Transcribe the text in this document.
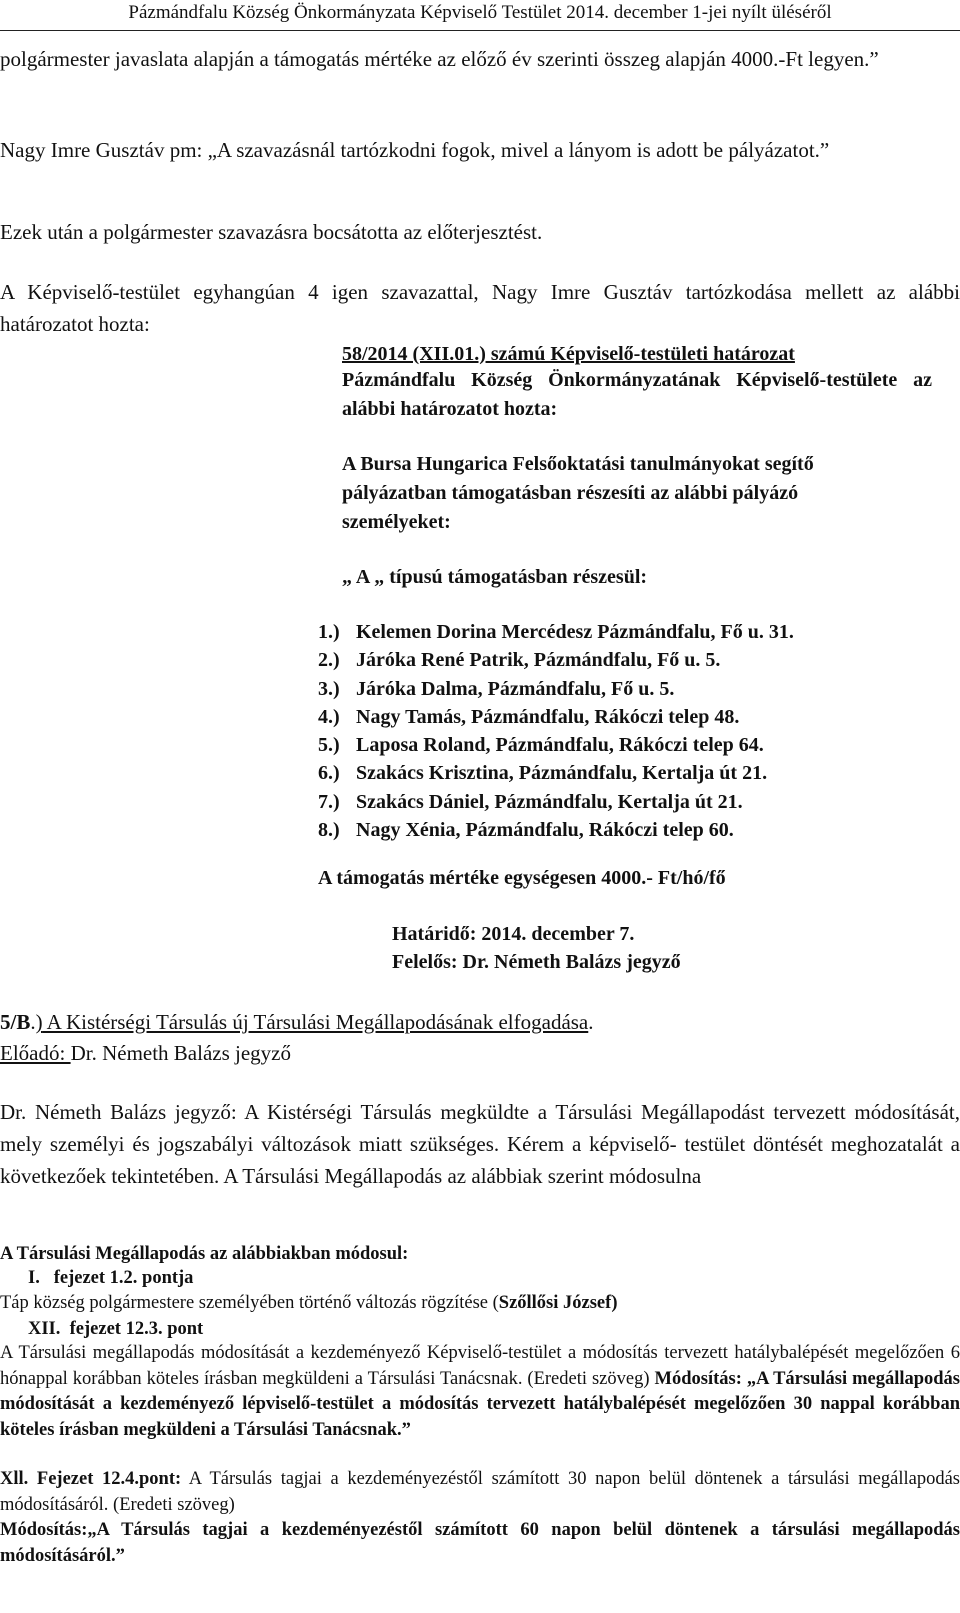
Pázmándfalu Község Önkormányzata Képviselő Testület 2014. december 1-jei nyílt üléséről

polgármester javaslata alapján a támogatás mértéke az előző év szerinti összeg alapján 4000.-Ft legyen.”

Nagy Imre Gusztáv pm: „A szavazásnál tartózkodni fogok, mivel a lányom is adott be pályázatot.”

Ezek után a polgármester szavazásra bocsátotta az előterjesztést.

A Képviselő-testület egyhangúan 4 igen szavazattal, Nagy Imre Gusztáv tartózkodása mellett az alábbi határozatot hozta:

58/2014 (XII.01.) számú Képviselő-testületi határozat
Pázmándfalu Község Önkormányzatának Képviselő-testülete az alábbi határozatot hozta:
A Bursa Hungarica Felsőoktatási tanulmányokat segítő pályázatban támogatásban részesíti az alábbi pályázó személyeket:
„ A „ típusú támogatásban részesül:
1.) Kelemen Dorina Mercédesz Pázmándfalu, Fő u. 31.
2.) Járóka René Patrik, Pázmándfalu, Fő u. 5.
3.) Járóka Dalma, Pázmándfalu, Fő u. 5.
4.) Nagy Tamás, Pázmándfalu, Rákóczi telep 48.
5.) Laposa Roland, Pázmándfalu, Rákóczi telep 64.
6.) Szakács Krisztina, Pázmándfalu, Kertalja út 21.
7.) Szakács Dániel, Pázmándfalu, Kertalja út 21.
8.) Nagy Xénia, Pázmándfalu, Rákóczi telep 60.
A támogatás mértéke egységesen 4000.- Ft/hó/fő
Határidő: 2014. december 7.
Felelős: Dr. Németh Balázs jegyző

5/B.) A Kistérségi Társulás új Társulási Megállapodásának elfogadása.

Előadó: Dr. Németh Balázs jegyző

Dr. Németh Balázs jegyző: A Kistérségi Társulás megküldte a Társulási Megállapodást tervezett módosítását, mely személyi és jogszabályi változások miatt szükséges. Kérem a képviselő- testület döntését meghozatalát a következőek tekintetében. A Társulási Megállapodás az alábbiak szerint módosulna

A Társulási Megállapodás az alábbiakban módosul:
I. fejezet 1.2. pontja

Táp község polgármestere személyében történő változás rögzítése (Szőllősi József)

XII. fejezet 12.3. pont

A Társulási megállapodás módosítását a kezdeményező Képviselő-testület a módosítás tervezett hatálybalépését megelőzően 6 hónappal korábban köteles írásban megküldeni a Társulási Tanácsnak. (Eredeti szöveg) Módosítás: „A Társulási megállapodás módosítását a kezdeményező lépviselő-testület a módosítás tervezett hatálybalépését megelőzően 30 nappal korábban köteles írásban megküldeni a Társulási Tanácsnak.”

Xll. Fejezet 12.4.pont: A Társulás tagjai a kezdeményezéstől számított 30 napon belül döntenek a társulási megállapodás módosításáról. (Eredeti szöveg)

Módosítás:„A Társulás tagjai a kezdeményezéstől számított 60 napon belül döntenek a társulási megállapodás módosításáról.”
